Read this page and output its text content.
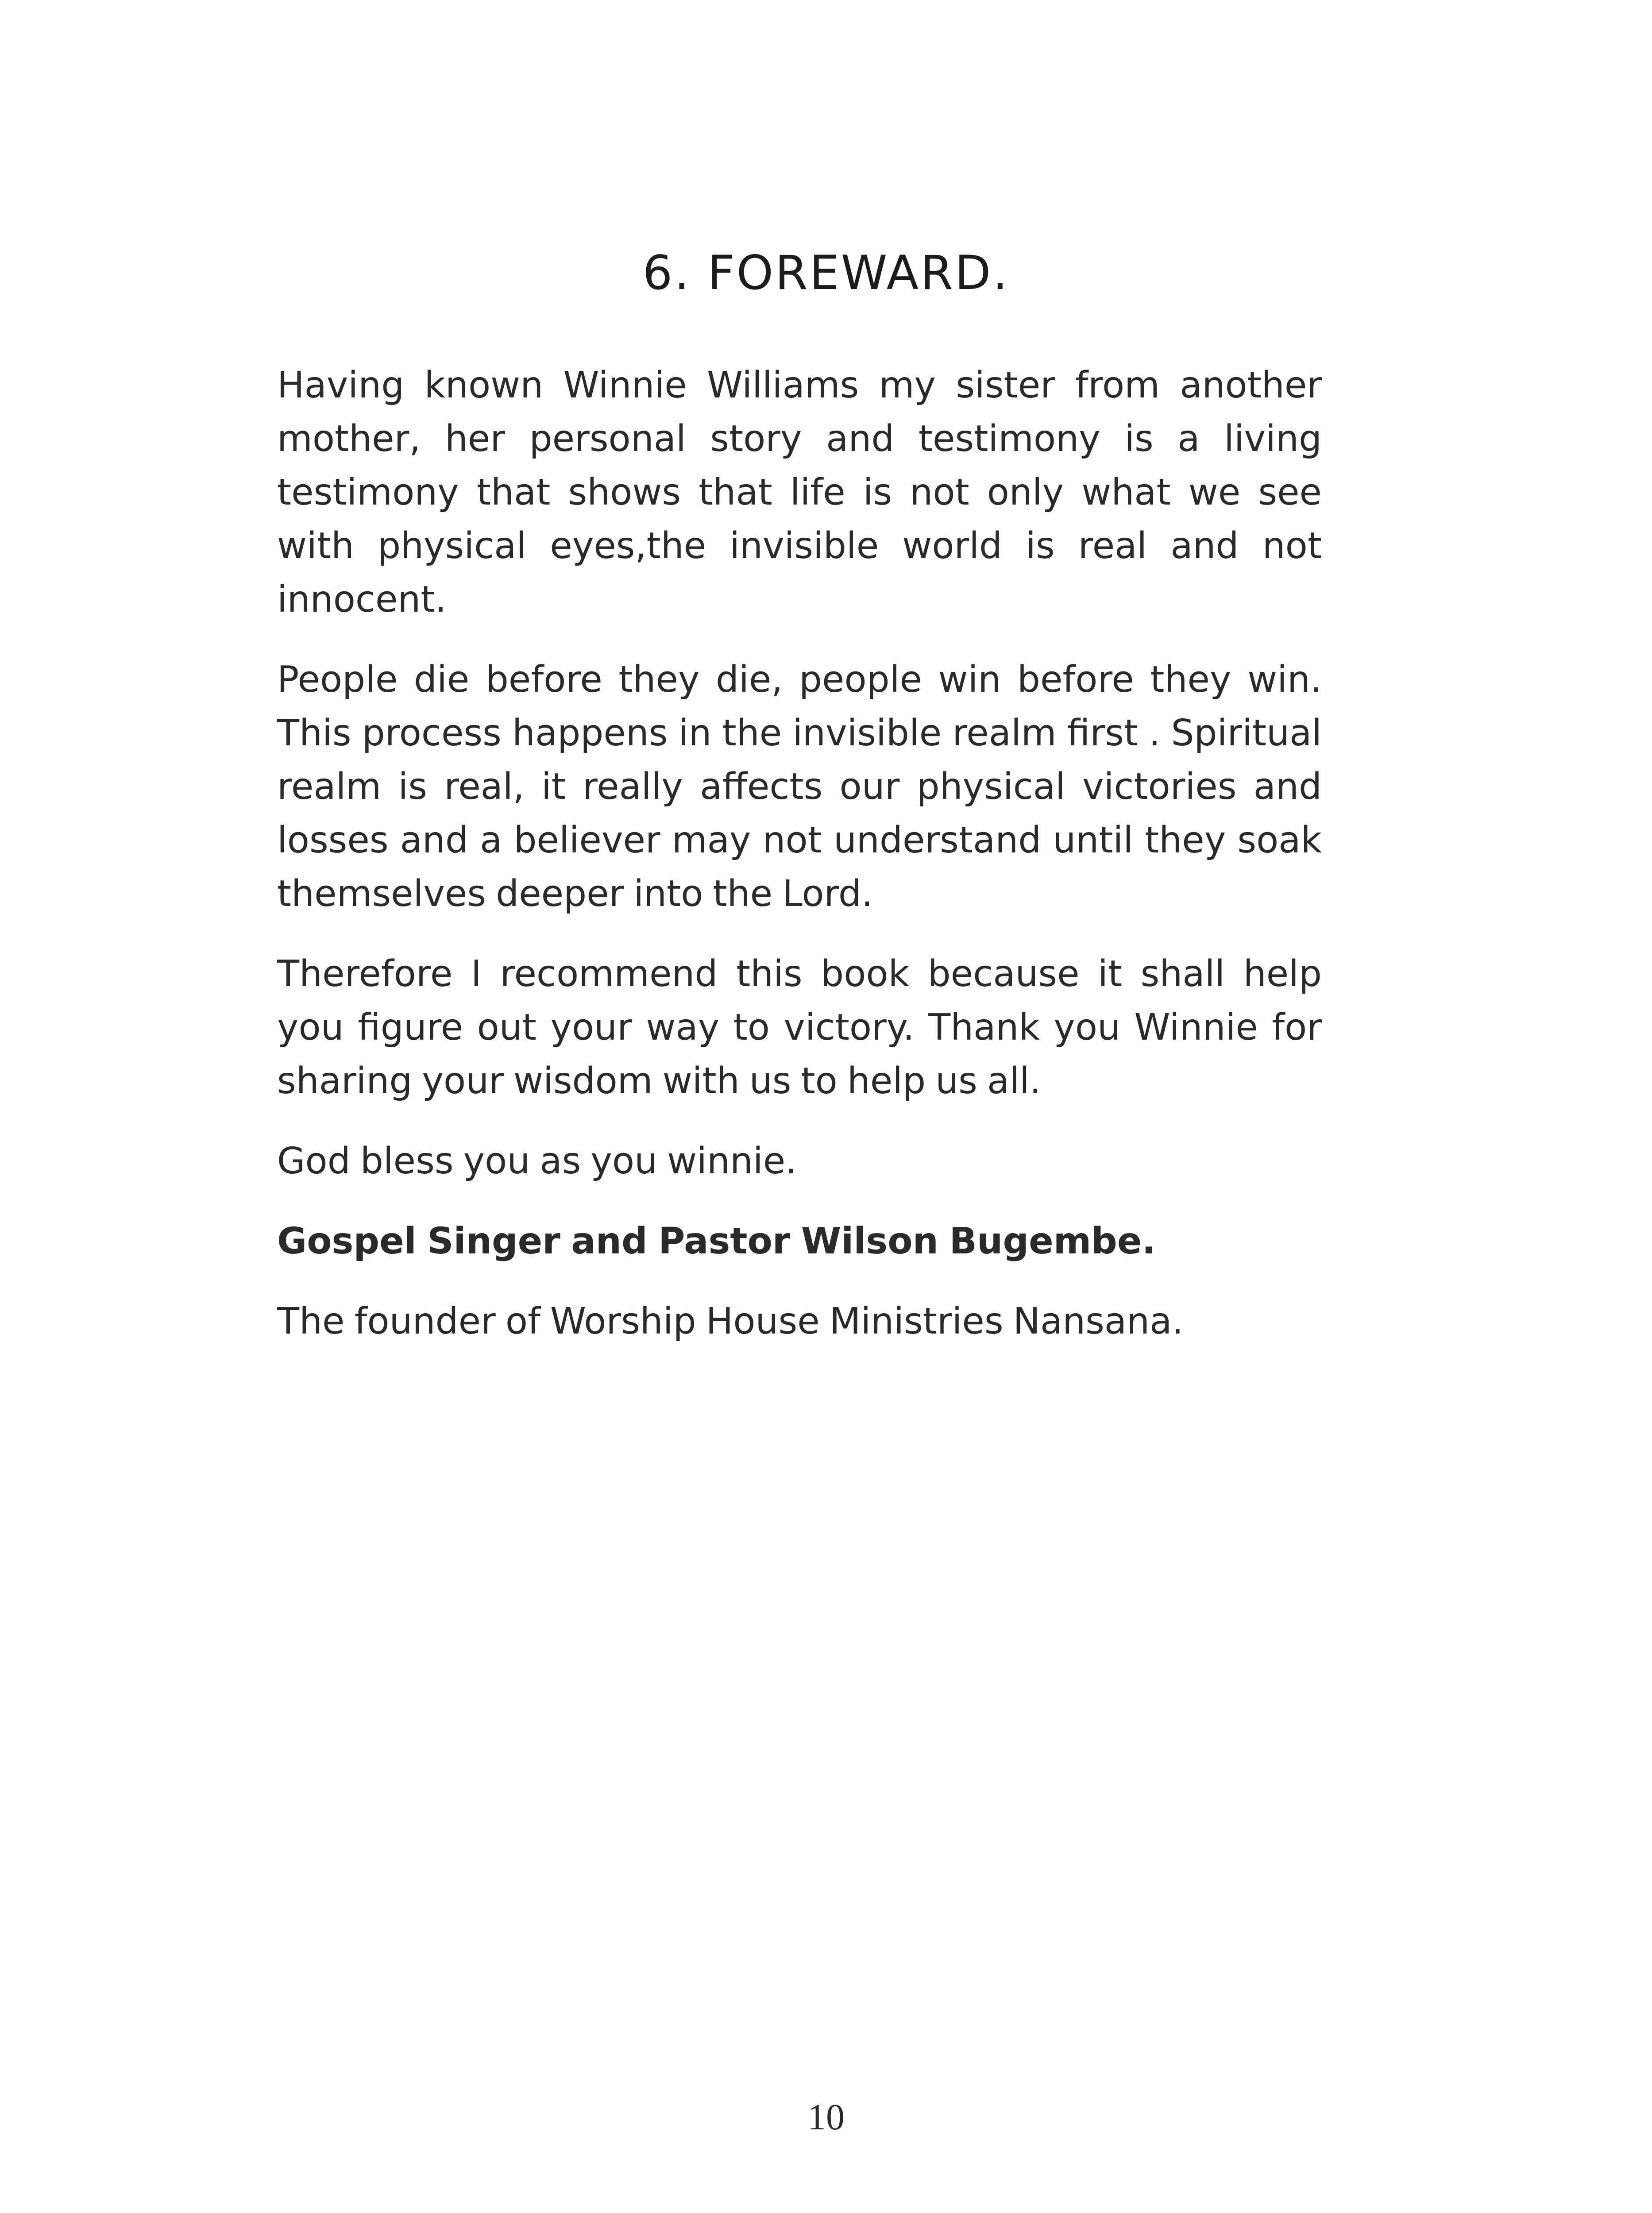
6. FOREWARD.

Having known Winnie Williams my sister from another mother, her personal story and testimony is a living testimony that shows that life is not only what we see with physical eyes,the invisible world is real and not innocent.

People die before they die, people win before they win. This process happens in the invisible realm first . Spiritual realm is real, it really affects our physical victories and losses and a believer may not understand until they soak themselves deeper into the Lord.

Therefore I recommend this book because it shall help you figure out your way to victory. Thank you Winnie for sharing your wisdom with us to help us all.

God bless you as you winnie.

Gospel Singer and Pastor Wilson Bugembe.

The founder of Worship House Ministries Nansana.

10
